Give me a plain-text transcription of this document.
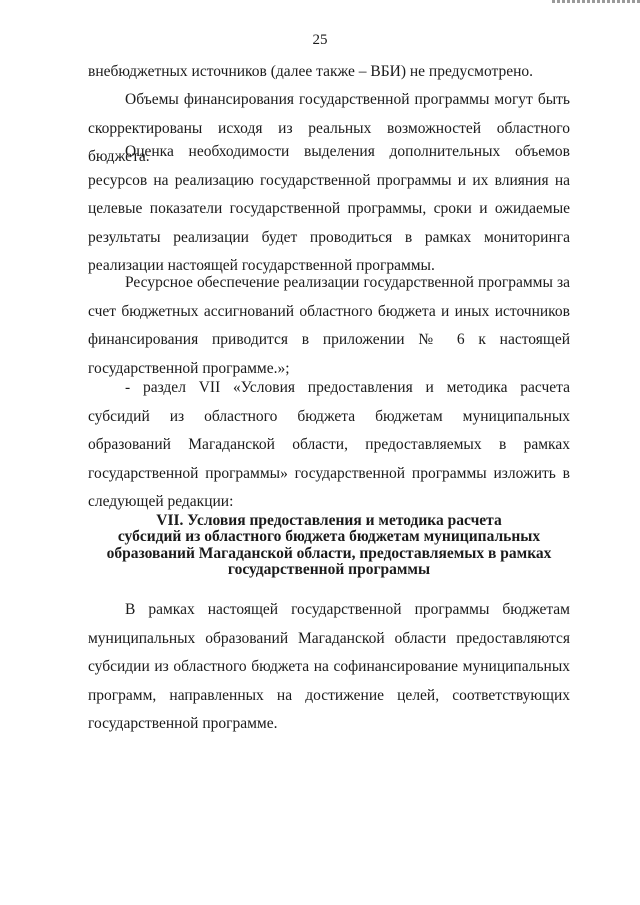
25

внебюджетных источников (далее также – ВБИ) не предусмотрено.

Объемы финансирования государственной программы могут быть скорректированы исходя из реальных возможностей областного бюджета.

Оценка необходимости выделения дополнительных объемов ресурсов на реализацию государственной программы и их влияния на целевые показатели государственной программы, сроки и ожидаемые результаты реализации будет проводиться в рамках мониторинга реализации настоящей государственной программы.

Ресурсное обеспечение реализации государственной программы за счет бюджетных ассигнований областного бюджета и иных источников финансирования приводится в приложении № 6 к настоящей государственной программе.»;

- раздел VII «Условия предоставления и методика расчета субсидий из областного бюджета бюджетам муниципальных образований Магаданской области, предоставляемых в рамках государственной программы» государственной программы изложить в следующей редакции:

VII. Условия предоставления и методика расчета
субсидий из областного бюджета бюджетам муниципальных
образований Магаданской области, предоставляемых в рамках
государственной программы

В рамках настоящей государственной программы бюджетам муниципальных образований Магаданской области предоставляются субсидии из областного бюджета на софинансирование муниципальных программ, направленных на достижение целей, соответствующих государственной программе.
